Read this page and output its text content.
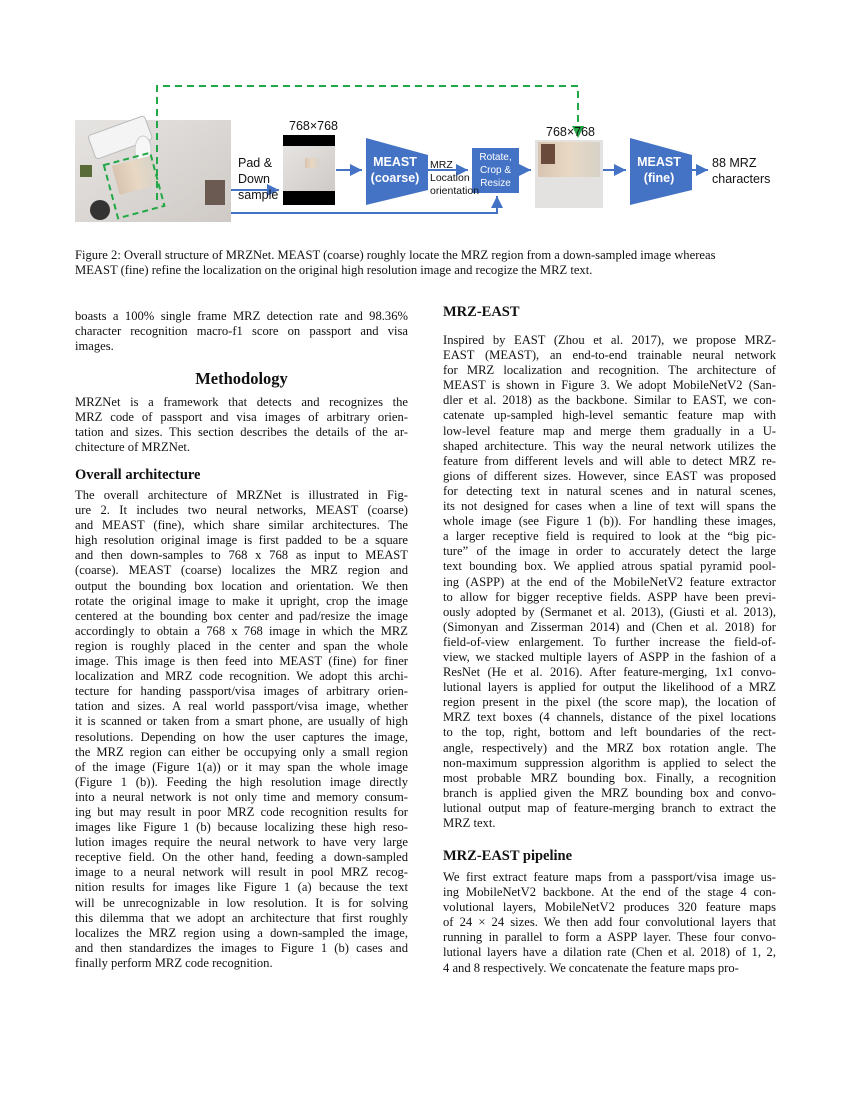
Pad &
Down
sample
768×768
MEAST
(coarse)
MRZ
Location
orientation
Rotate,
Crop &
Resize
768×768
MEAST
(fine)
88 MRZ
characters
Figure 2: Overall structure of MRZNet. MEAST (coarse) roughly locate the MRZ region from a down-sampled image whereas
MEAST (fine) refine the localization on the original high resolution image and recogize the MRZ text.
boasts a 100% single frame MRZ detection rate and 98.36%
character recognition macro-f1 score on passport and visa
images.
Methodology
MRZNet is a framework that detects and recognizes the
MRZ code of passport and visa images of arbitrary orien-
tation and sizes. This section describes the details of the ar-
chitecture of MRZNet.
Overall architecture
The overall architecture of MRZNet is illustrated in Fig-
ure 2. It includes two neural networks, MEAST (coarse)
and MEAST (fine), which share similar architectures. The
high resolution original image is first padded to be a square
and then down-samples to 768 x 768 as input to MEAST
(coarse). MEAST (coarse) localizes the MRZ region and
output the bounding box location and orientation. We then
rotate the original image to make it upright, crop the image
centered at the bounding box center and pad/resize the image
accordingly to obtain a 768 x 768 image in which the MRZ
region is roughly placed in the center and span the whole
image. This image is then feed into MEAST (fine) for finer
localization and MRZ code recognition. We adopt this archi-
tecture for handing passport/visa images of arbitrary orien-
tation and sizes. A real world passport/visa image, whether
it is scanned or taken from a smart phone, are usually of high
resolutions. Depending on how the user captures the image,
the MRZ region can either be occupying only a small region
of the image (Figure 1(a)) or it may span the whole image
(Figure 1 (b)). Feeding the high resolution image directly
into a neural network is not only time and memory consum-
ing but may result in poor MRZ code recognition results for
images like Figure 1 (b) because localizing these high reso-
lution images require the neural network to have very large
receptive field. On the other hand, feeding a down-sampled
image to a neural network will result in pool MRZ recog-
nition results for images like Figure 1 (a) because the text
will be unrecognizable in low resolution. It is for solving
this dilemma that we adopt an architecture that first roughly
localizes the MRZ region using a down-sampled the image,
and then standardizes the images to Figure 1 (b) cases and
finally perform MRZ code recognition.
MRZ-EAST
Inspired by EAST (Zhou et al. 2017), we propose MRZ-
EAST (MEAST), an end-to-end trainable neural network
for MRZ localization and recognition. The architecture of
MEAST is shown in Figure 3. We adopt MobileNetV2 (San-
dler et al. 2018) as the backbone. Similar to EAST, we con-
catenate up-sampled high-level semantic feature map with
low-level feature map and merge them gradually in a U-
shaped architecture. This way the neural network utilizes the
feature from different levels and will able to detect MRZ re-
gions of different sizes. However, since EAST was proposed
for detecting text in natural scenes and in natural scenes,
its not designed for cases when a line of text will spans the
whole image (see Figure 1 (b)). For handling these images,
a larger receptive field is required to look at the “big pic-
ture” of the image in order to accurately detect the large
text bounding box. We applied atrous spatial pyramid pool-
ing (ASPP) at the end of the MobileNetV2 feature extractor
to allow for bigger receptive fields. ASPP have been previ-
ously adopted by (Sermanet et al. 2013), (Giusti et al. 2013),
(Simonyan and Zisserman 2014) and (Chen et al. 2018) for
field-of-view enlargement. To further increase the field-of-
view, we stacked multiple layers of ASPP in the fashion of a
ResNet (He et al. 2016). After feature-merging, 1x1 convo-
lutional layers is applied for output the likelihood of a MRZ
region present in the pixel (the score map), the location of
MRZ text boxes (4 channels, distance of the pixel locations
to the top, right, bottom and left boundaries of the rect-
angle, respectively) and the MRZ box rotation angle. The
non-maximum suppression algorithm is applied to select the
most probable MRZ bounding box. Finally, a recognition
branch is applied given the MRZ bounding box and convo-
lutional output map of feature-merging branch to extract the
MRZ text.
MRZ-EAST pipeline
We first extract feature maps from a passport/visa image us-
ing MobileNetV2 backbone. At the end of the stage 4 con-
volutional layers, MobileNetV2 produces 320 feature maps
of 24 × 24 sizes. We then add four convolutional layers that
running in parallel to form a ASPP layer. These four convo-
lutional layers have a dilation rate (Chen et al. 2018) of 1, 2,
4 and 8 respectively. We concatenate the feature maps pro-
